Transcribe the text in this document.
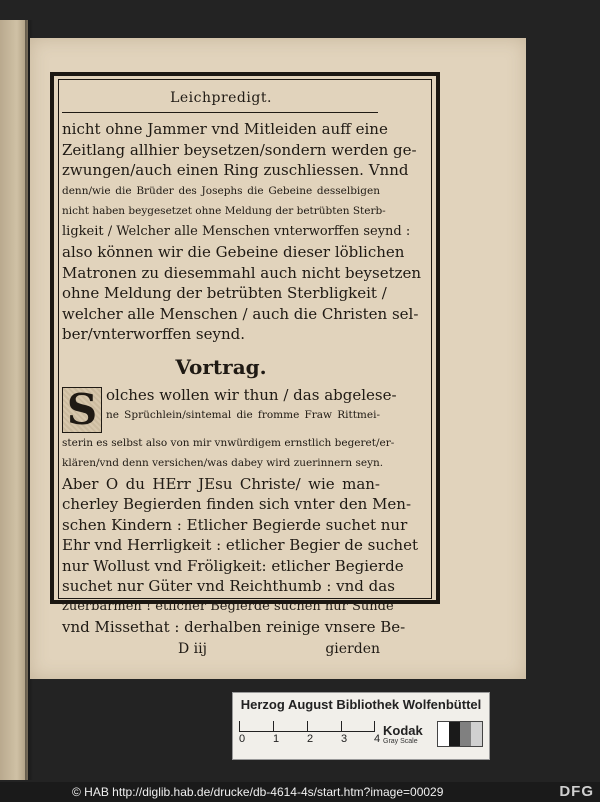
Leichpredigt.
nicht ohne Jammer vnd Mitleiden auff eine
Zeitlang allhier beysetzen/sondern werden ge-
zwungen/auch einen Ring zuschliessen. Vnnd
denn/wie die Brüder des Josephs die Gebeine desselbigen
nicht haben beygesetzet ohne Meldung der betrübten Sterb-
ligkeit / Welcher alle Menschen vnterworffen seynd :
also können wir die Gebeine dieser löblichen
Matronen zu diesemmahl auch nicht beysetzen
ohne Meldung der betrübten Sterbligkeit /
welcher alle Menschen / auch die Christen sel-
ber/vnterworffen seynd.
Vortrag.
S olches wollen wir thun / das abgelese-
ne Sprüchlein/sintemal die fromme Fraw Rittmei-
sterin es selbst also von mir vnwürdigem ernstlich begeret/er-
klären/vnd denn versichen/was dabey wird zuerinnern seyn.
Aber O du HErr JEsu Christe/ wie man-
cherley Begierden finden sich vnter den Men-
schen Kindern : Etlicher Begierde suchet nur
Ehr vnd Herrligkeit : etlicher Begier de suchet
nur Wollust vnd Fröligkeit: etlicher Begierde
suchet nur Güter vnd Reichthumb : vnd das
zuerbarmen ! etlicher Begierde suchen nur Sünde
vnd Missethat : derhalben reinige vnsere Be-
D iij	gierden
Herzog August Bibliothek Wolfenbüttel
0	1	2	3 4
Kodak
Gray Scale
© HAB http://diglib.hab.de/drucke/db-4614-4s/start.htm?image=00029	DFG
